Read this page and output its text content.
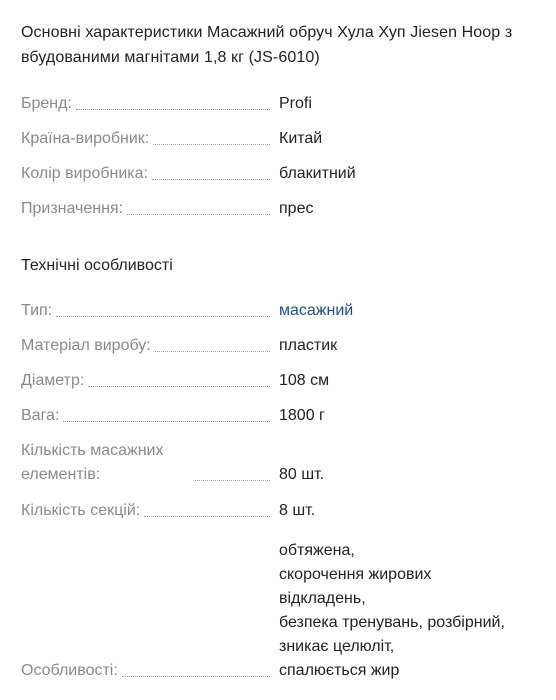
Основні характеристики Масажний обруч Хула Хуп Jiesen Hoop з вбудованими магнітами 1,8 кг (JS-6010)
Бренд:	Profi
Країна-виробник:	Китай
Колір виробника:	блакитний
Призначення:	прес
Технічні особливості
Тип:	масажний
Матеріал виробу:	пластик
Діаметр:	108 см
Вага:	1800 г
Кількість масажних елементів:	80 шт.
Кількість секцій:	8 шт.
Особливості:
обтяжена,
скорочення жирових
відкладень,
безпека тренувань, розбірний,
зникає целюліт,
спалюється жир
